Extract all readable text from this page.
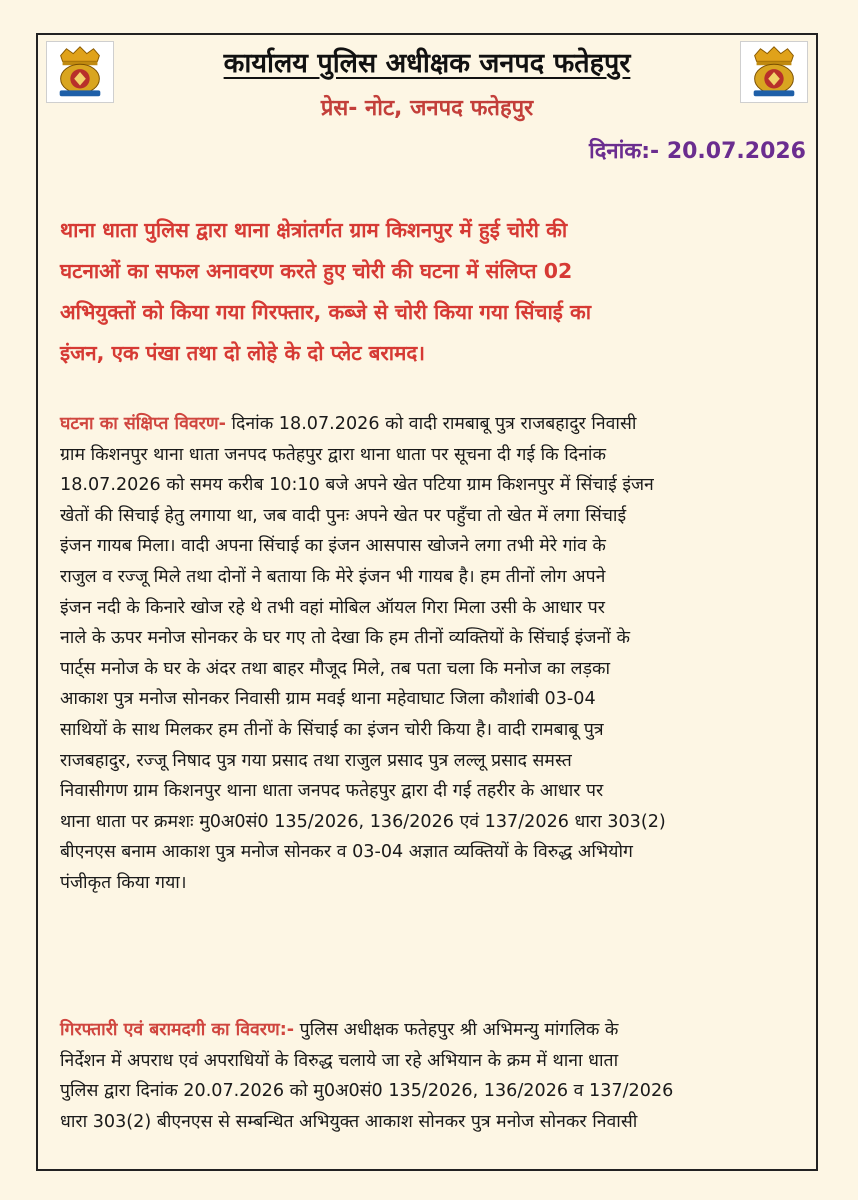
कार्यालय पुलिस अधीक्षक जनपद फतेहपुर
प्रेस- नोट, जनपद फतेहपुर
दिनांक:- 20.07.2026
थाना धाता पुलिस द्वारा थाना क्षेत्रांतर्गत ग्राम किशनपुर में हुई चोरी की
घटनाओं का सफल अनावरण करते हुए चोरी की घटना में संलिप्त 02
अभियुक्तों को किया गया गिरफ्तार, कब्जे से चोरी किया गया सिंचाई का
इंजन, एक पंखा तथा दो लोहे के दो प्लेट बरामद।
घटना का संक्षिप्त विवरण- दिनांक 18.07.2026 को वादी रामबाबू पुत्र राजबहादुर निवासी
ग्राम किशनपुर थाना धाता जनपद फतेहपुर द्वारा थाना धाता पर सूचना दी गई कि दिनांक
18.07.2026 को समय करीब 10:10 बजे अपने खेत पटिया ग्राम किशनपुर में सिंचाई इंजन
खेतों की सिचाई हेतु लगाया था, जब वादी पुनः अपने खेत पर पहुँचा तो खेत में लगा सिंचाई
इंजन गायब मिला। वादी अपना सिंचाई का इंजन आसपास खोजने लगा तभी मेरे गांव के
राजुल व रज्जू मिले तथा दोनों ने बताया कि मेरे इंजन भी गायब है। हम तीनों लोग अपने
इंजन नदी के किनारे खोज रहे थे तभी वहां मोबिल ऑयल गिरा मिला उसी के आधार पर
नाले के ऊपर मनोज सोनकर के घर गए तो देखा कि हम तीनों व्यक्तियों के सिंचाई इंजनों के
पार्ट्स मनोज के घर के अंदर तथा बाहर मौजूद मिले, तब पता चला कि मनोज का लड़का
आकाश पुत्र मनोज सोनकर निवासी ग्राम मवई थाना महेवाघाट जिला कौशांबी 03-04
साथियों के साथ मिलकर हम तीनों के सिंचाई का इंजन चोरी किया है। वादी रामबाबू पुत्र
राजबहादुर, रज्जू निषाद पुत्र गया प्रसाद तथा राजुल प्रसाद पुत्र लल्लू प्रसाद समस्त
निवासीगण ग्राम किशनपुर थाना धाता जनपद फतेहपुर द्वारा दी गई तहरीर के आधार पर
थाना धाता पर क्रमशः मु0अ0सं0 135/2026, 136/2026 एवं 137/2026 धारा 303(2)
बीएनएस बनाम आकाश पुत्र मनोज सोनकर व 03-04 अज्ञात व्यक्तियों के विरुद्ध अभियोग
पंजीकृत किया गया।
गिरफ्तारी एवं बरामदगी का विवरण:- पुलिस अधीक्षक फतेहपुर श्री अभिमन्यु मांगलिक के
निर्देशन में अपराध एवं अपराधियों के विरुद्ध चलाये जा रहे अभियान के क्रम में थाना धाता
पुलिस द्वारा दिनांक 20.07.2026 को मु0अ0सं0 135/2026, 136/2026 व 137/2026
धारा 303(2) बीएनएस से सम्बन्धित अभियुक्त आकाश सोनकर पुत्र मनोज सोनकर निवासी
